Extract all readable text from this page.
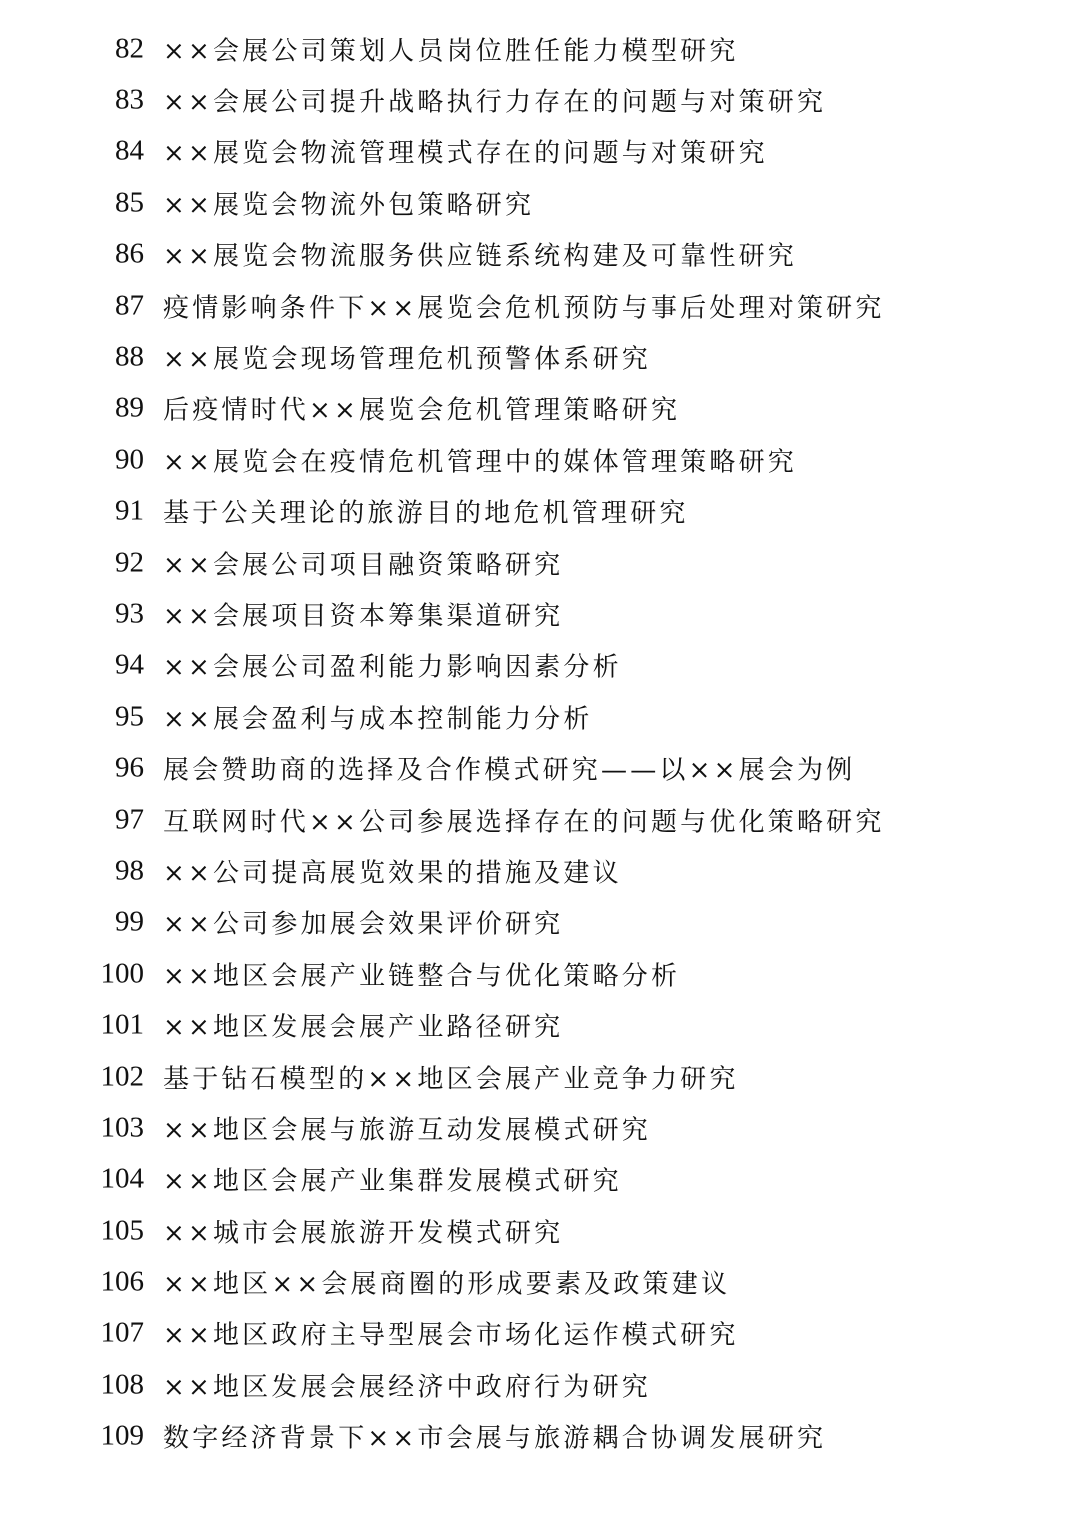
82 ××会展公司策划人员岗位胜任能力模型研究
83 ××会展公司提升战略执行力存在的问题与对策研究
84 ××展览会物流管理模式存在的问题与对策研究
85 ××展览会物流外包策略研究
86 ××展览会物流服务供应链系统构建及可靠性研究
87 疫情影响条件下××展览会危机预防与事后处理对策研究
88 ××展览会现场管理危机预警体系研究
89 后疫情时代××展览会危机管理策略研究
90 ××展览会在疫情危机管理中的媒体管理策略研究
91 基于公关理论的旅游目的地危机管理研究
92 ××会展公司项目融资策略研究
93 ××会展项目资本筹集渠道研究
94 ××会展公司盈利能力影响因素分析
95 ××展会盈利与成本控制能力分析
96 展会赞助商的选择及合作模式研究——以××展会为例
97 互联网时代××公司参展选择存在的问题与优化策略研究
98 ××公司提高展览效果的措施及建议
99 ××公司参加展会效果评价研究
100 ××地区会展产业链整合与优化策略分析
101 ××地区发展会展产业路径研究
102 基于钻石模型的××地区会展产业竞争力研究
103 ××地区会展与旅游互动发展模式研究
104 ××地区会展产业集群发展模式研究
105 ××城市会展旅游开发模式研究
106 ××地区××会展商圈的形成要素及政策建议
107 ××地区政府主导型展会市场化运作模式研究
108 ××地区发展会展经济中政府行为研究
109 数字经济背景下××市会展与旅游耦合协调发展研究
